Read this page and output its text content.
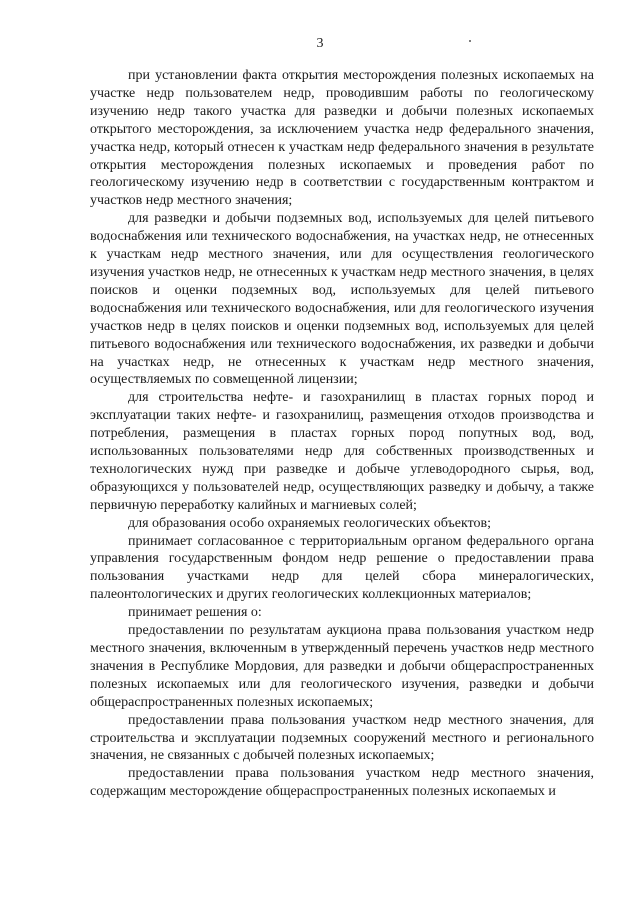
3

при установлении факта открытия месторождения полезных ископаемых на участке недр пользователем недр, проводившим работы по геологическому изучению недр такого участка для разведки и добычи полезных ископаемых открытого месторождения, за исключением участка недр федерального значения, участка недр, который отнесен к участкам недр федерального значения в результате открытия месторождения полезных ископаемых и проведения работ по геологическому изучению недр в соответствии с государственным контрактом и участков недр местного значения;

для разведки и добычи подземных вод, используемых для целей питьевого водоснабжения или технического водоснабжения, на участках недр, не отнесенных к участкам недр местного значения, или для осуществления геологического изучения участков недр, не отнесенных к участкам недр местного значения, в целях поисков и оценки подземных вод, используемых для целей питьевого водоснабжения или технического водоснабжения, или для геологического изучения участков недр в целях поисков и оценки подземных вод, используемых для целей питьевого водоснабжения или технического водоснабжения, их разведки и добычи на участках недр, не отнесенных к участкам недр местного значения, осуществляемых по совмещенной лицензии;

для строительства нефте- и газохранилищ в пластах горных пород и эксплуатации таких нефте- и газохранилищ, размещения отходов производства и потребления, размещения в пластах горных пород попутных вод, вод, использованных пользователями недр для собственных производственных и технологических нужд при разведке и добыче углеводородного сырья, вод, образующихся у пользователей недр, осуществляющих разведку и добычу, а также первичную переработку калийных и магниевых солей;

для образования особо охраняемых геологических объектов;

принимает согласованное с территориальным органом федерального органа управления государственным фондом недр решение о предоставлении права пользования участками недр для целей сбора минералогических, палеонтологических и других геологических коллекционных материалов;

принимает решения о:

предоставлении по результатам аукциона права пользования участком недр местного значения, включенным в утвержденный перечень участков недр местного значения в Республике Мордовия, для разведки и добычи общераспространенных полезных ископаемых или для геологического изучения, разведки и добычи общераспространенных полезных ископаемых;

предоставлении права пользования участком недр местного значения, для строительства и эксплуатации подземных сооружений местного и регионального значения, не связанных с добычей полезных ископаемых;

предоставлении права пользования участком недр местного значения, содержащим месторождение общераспространенных полезных ископаемых и
